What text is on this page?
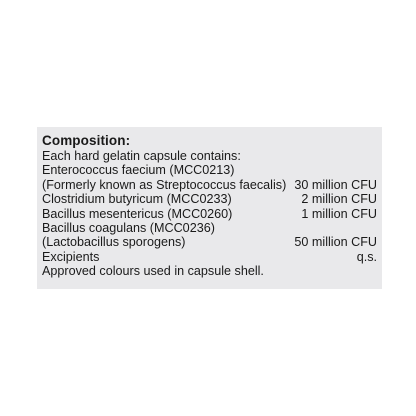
Composition:
Each hard gelatin capsule contains:
Enterococcus faecium (MCC0213)
(Formerly known as Streptococcus faecalis) 30 million CFU
Clostridium butyricum (MCC0233)	2 million CFU
Bacillus mesentericus (MCC0260)	1 million CFU
Bacillus coagulans (MCC0236)
(Lactobacillus sporogens)	50 million CFU
Excipients	q.s.
Approved colours used in capsule shell.
